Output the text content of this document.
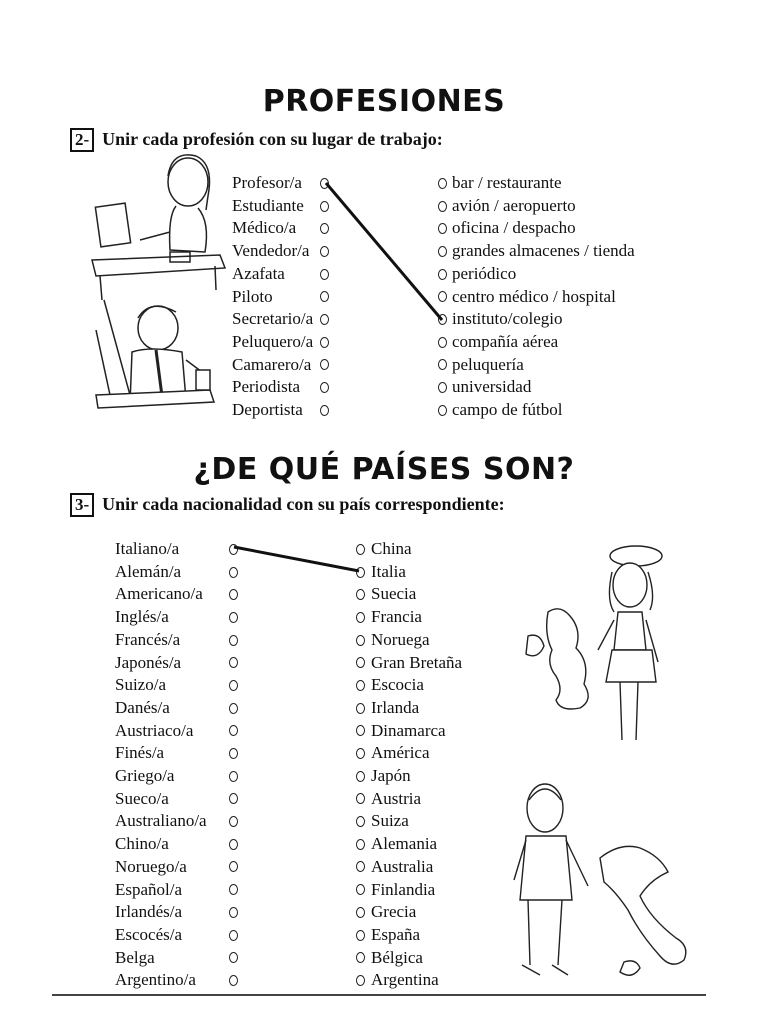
PROFESIONES
2- Unir cada profesión con su lugar de trabajo:
Profesor/a
Estudiante
Médico/a
Vendedor/a
Azafata
Piloto
Secretario/a
Peluquero/a
Camarero/a
Periodista
Deportista
bar / restaurante
avión / aeropuerto
oficina / despacho
grandes almacenes / tienda
periódico
centro médico / hospital
instituto/colegio
compañía aérea
peluquería
universidad
campo de fútbol
¿DE QUÉ PAÍSES SON?
3- Unir cada nacionalidad con su país correspondiente:
Italiano/a
Alemán/a
Americano/a
Inglés/a
Francés/a
Japonés/a
Suizo/a
Danés/a
Austriaco/a
Finés/a
Griego/a
Sueco/a
Australiano/a
Chino/a
Noruego/a
Español/a
Irlandés/a
Escocés/a
Belga
Argentino/a
China
Italia
Suecia
Francia
Noruega
Gran Bretaña
Escocia
Irlanda
Dinamarca
América
Japón
Austria
Suiza
Alemania
Australia
Finlandia
Grecia
España
Bélgica
Argentina
